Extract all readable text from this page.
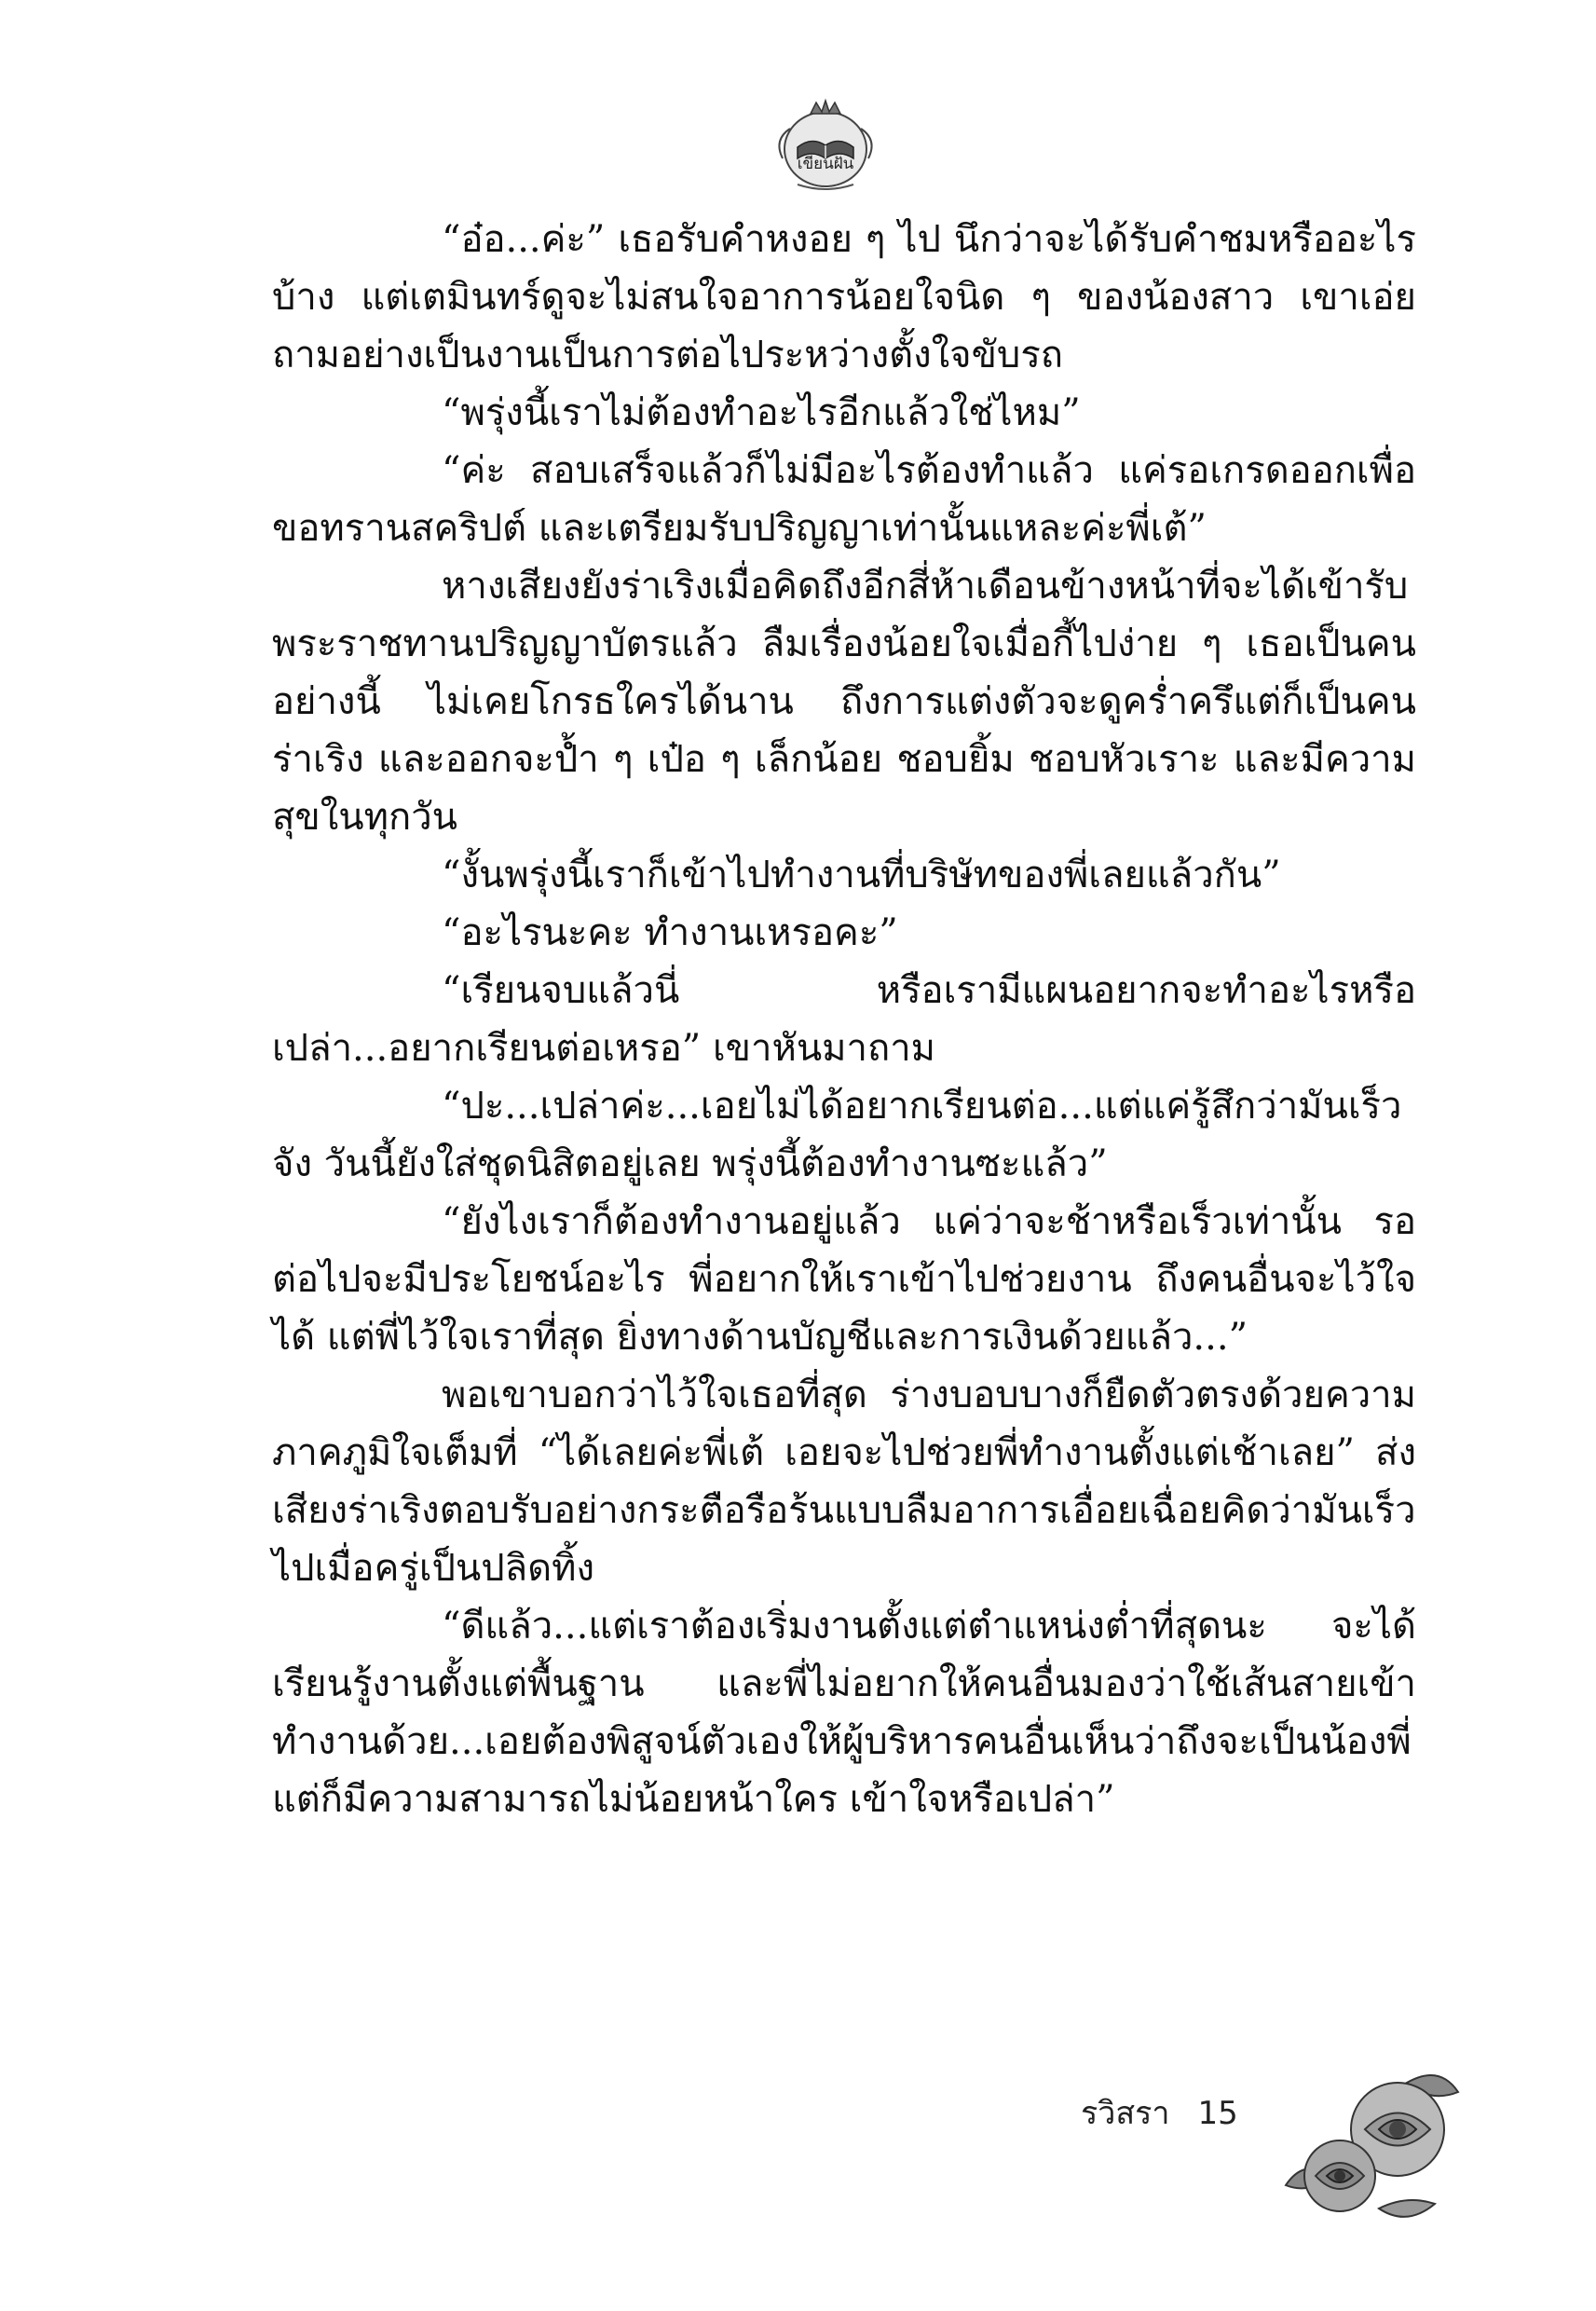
เขียนฝัน

“อ๋อ...ค่ะ” เธอรับคำหงอย ๆ ไป นึกว่าจะได้รับคำชมหรืออะไรบ้าง แต่เตมินทร์ดูจะไม่สนใจอาการน้อยใจนิด ๆ ของน้องสาว เขาเอ่ยถามอย่างเป็นงานเป็นการต่อไประหว่างตั้งใจขับรถ

“พรุ่งนี้เราไม่ต้องทำอะไรอีกแล้วใช่ไหม”

“ค่ะ สอบเสร็จแล้วก็ไม่มีอะไรต้องทำแล้ว แค่รอเกรดออกเพื่อขอทรานสคริปต์ และเตรียมรับปริญญาเท่านั้นแหละค่ะพี่เต้”

หางเสียงยังร่าเริงเมื่อคิดถึงอีกสี่ห้าเดือนข้างหน้าที่จะได้เข้ารับพระราชทานปริญญาบัตรแล้ว ลืมเรื่องน้อยใจเมื่อกี้ไปง่าย ๆ เธอเป็นคนอย่างนี้ ไม่เคยโกรธใครได้นาน ถึงการแต่งตัวจะดูคร่ำครึแต่ก็เป็นคนร่าเริง และออกจะป้ำ ๆ เป๋อ ๆ เล็กน้อย ชอบยิ้ม ชอบหัวเราะ และมีความสุขในทุกวัน

“งั้นพรุ่งนี้เราก็เข้าไปทำงานที่บริษัทของพี่เลยแล้วกัน”

“อะไรนะคะ ทำงานเหรอคะ”

“เรียนจบแล้วนี่ หรือเรามีแผนอยากจะทำอะไรหรือเปล่า...อยากเรียนต่อเหรอ” เขาหันมาถาม

“ปะ...เปล่าค่ะ...เอยไม่ได้อยากเรียนต่อ...แต่แค่รู้สึกว่ามันเร็วจัง วันนี้ยังใส่ชุดนิสิตอยู่เลย พรุ่งนี้ต้องทำงานซะแล้ว”

“ยังไงเราก็ต้องทำงานอยู่แล้ว แค่ว่าจะช้าหรือเร็วเท่านั้น รอต่อไปจะมีประโยชน์อะไร พี่อยากให้เราเข้าไปช่วยงาน ถึงคนอื่นจะไว้ใจได้ แต่พี่ไว้ใจเราที่สุด ยิ่งทางด้านบัญชีและการเงินด้วยแล้ว...”

พอเขาบอกว่าไว้ใจเธอที่สุด ร่างบอบบางก็ยืดตัวตรงด้วยความภาคภูมิใจเต็มที่ “ได้เลยค่ะพี่เต้ เอยจะไปช่วยพี่ทำงานตั้งแต่เช้าเลย” ส่งเสียงร่าเริงตอบรับอย่างกระตือรือร้นแบบลืมอาการเอื่อยเฉื่อยคิดว่ามันเร็วไปเมื่อครู่เป็นปลิดทิ้ง

“ดีแล้ว...แต่เราต้องเริ่มงานตั้งแต่ตำแหน่งต่ำที่สุดนะ จะได้เรียนรู้งานตั้งแต่พื้นฐาน และพี่ไม่อยากให้คนอื่นมองว่าใช้เส้นสายเข้าทำงานด้วย...เอยต้องพิสูจน์ตัวเองให้ผู้บริหารคนอื่นเห็นว่าถึงจะเป็นน้องพี่แต่ก็มีความสามารถไม่น้อยหน้าใคร เข้าใจหรือเปล่า”

รวิสรา 15
